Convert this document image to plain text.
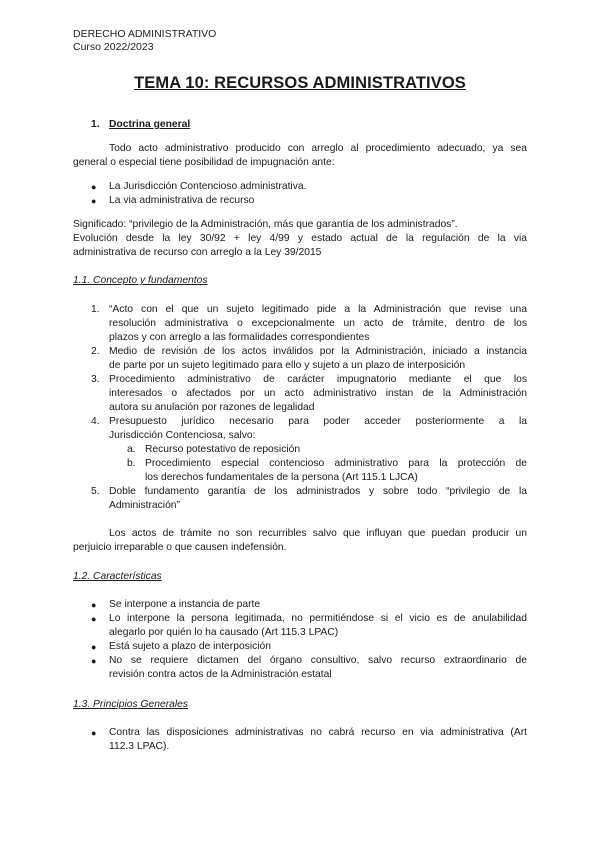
DERECHO ADMINISTRATIVO
Curso 2022/2023
TEMA 10: RECURSOS ADMINISTRATIVOS
1. Doctrina general
Todo acto administrativo producido con arreglo al procedimiento adecuado, ya sea
general o especial tiene posibilidad de impugnación ante:
● La Jurisdicción Contencioso administrativa.
● La via administrativa de recurso
Significado: “privilegio de la Administración, más que garantía de los administrados”.
Evolución desde la ley 30/92 + ley 4/99 y estado actual de la regulación de la via
administrativa de recurso con arreglo a la Ley 39/2015
1.1. Concepto y fundamentos
1. “Acto con el que un sujeto legitimado pide a la Administración que revise una
resolución administrativa o excepcionalmente un acto de trámite, dentro de los
plazos y con arreglo a las formalidades correspondientes
2. Medio de revisión de los actos inválidos por la Administración, iniciado a instancia
de parte por un sujeto legitimado para ello y sujeto a un plazo de interposición
3. Procedimiento administrativo de carácter impugnatorio mediante el que los
interesados o afectados por un acto administrativo instan de la Administración
autora su anulación por razones de legalidad
4. Presupuesto jurídico necesario para poder acceder posteriormente a la
Jurisdicción Contenciosa, salvo:
a. Recurso potestativo de reposición
b. Procedimiento especial contencioso administrativo para la protección de
los derechos fundamentales de la persona (Art 115.1 LJCA)
5. Doble fundamento garantía de los administrados y sobre todo “privilegio de la
Administración”
Los actos de trámite no son recurribles salvo que influyan que puedan producir un
perjuicio irreparable o que causen indefensión.
1.2. Características
● Se interpone a instancia de parte
● Lo interpone la persona legitimada, no permitiéndose si el vicio es de anulabilidad
alegarlo por quién lo ha causado (Art 115.3 LPAC)
● Está sujeto a plazo de interposición
● No se requiere dictamen del órgano consultivo, salvo recurso extraordinario de
revisión contra actos de la Administración estatal
1.3. Principios Generales
● Contra las disposiciones administrativas no cabrá recurso en via administrativa (Art
112.3 LPAC).
